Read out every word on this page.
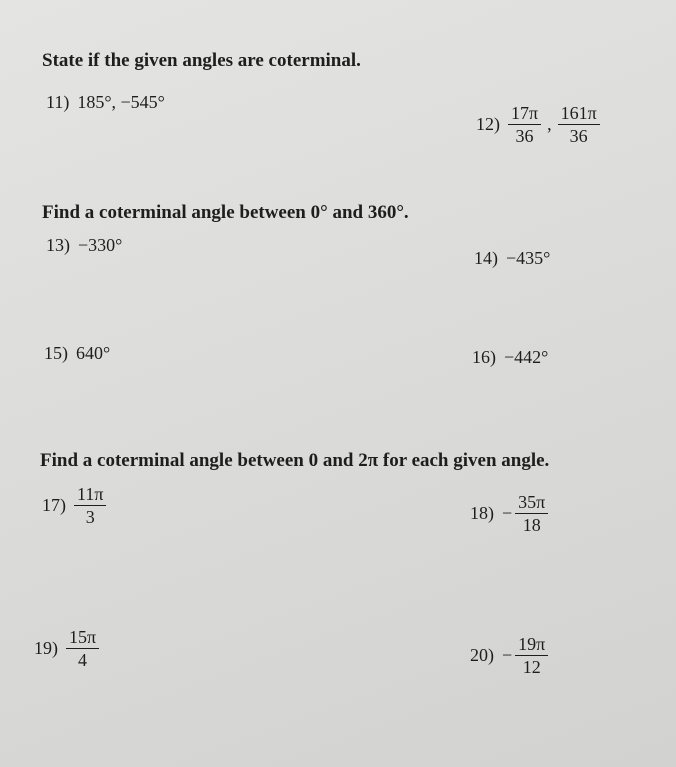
State if the given angles are coterminal.
11) 185°, −545°
$12) \frac{17\pi}{36}$ , $\frac{161\pi}{36}$
Find a coterminal angle between 0° and 360°.
13) −330°
14) −435°
15) 640°	16) −442°
Find a coterminal angle between 0 and 2π for each given angle.
$17) \frac{11\pi}{3}$	$18) - \frac{35\pi}{18}$
$19) \frac{15\pi}{4}$	$20) - \frac{19\pi}{12}$
